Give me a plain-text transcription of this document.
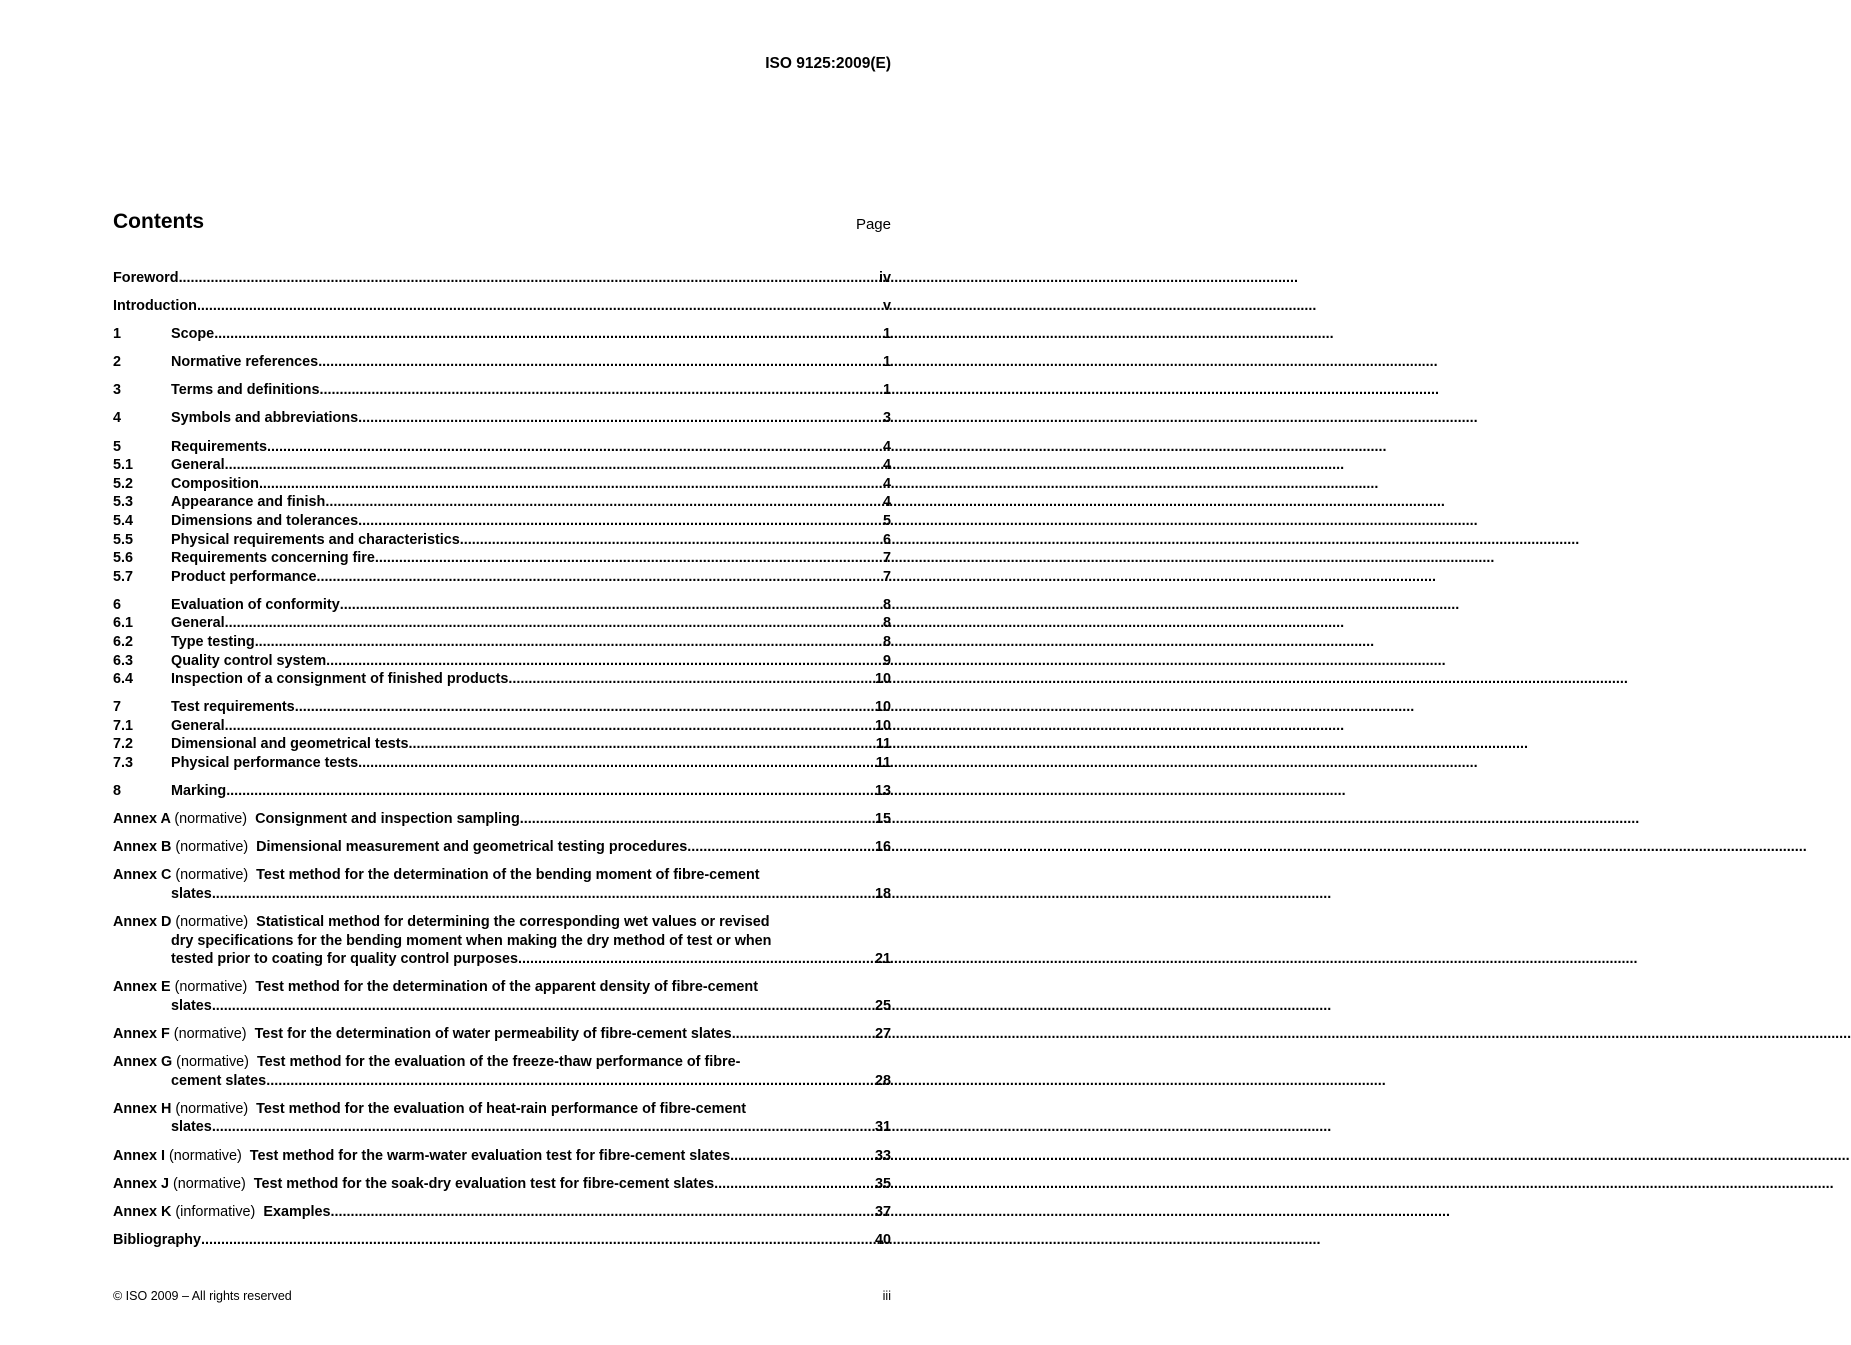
ISO 9125:2009(E)
Contents	Page
Foreword .....	iv
Introduction .....	v
1	Scope .....	1
2	Normative references .....	1
3	Terms and definitions .....	1
4	Symbols and abbreviations .....	3
5	Requirements .....	4
5.1	General .....	4
5.2	Composition .....	4
5.3	Appearance and finish .....	4
5.4	Dimensions and tolerances .....	5
5.5	Physical requirements and characteristics .....	6
5.6	Requirements concerning fire .....	7
5.7	Product performance .....	7
6	Evaluation of conformity .....	8
6.1	General .....	8
6.2	Type testing .....	8
6.3	Quality control system .....	9
6.4	Inspection of a consignment of finished products .....	10
7	Test requirements .....	10
7.1	General .....	10
7.2	Dimensional and geometrical tests .....	11
7.3	Physical performance tests .....	11
8	Marking .....	13
Annex A (normative) Consignment and inspection sampling .....	15
Annex B (normative) Dimensional measurement and geometrical testing procedures .....	16
Annex C (normative) Test method for the determination of the bending moment of fibre-cement
slates .....	18
Annex D (normative) Statistical method for determining the corresponding wet values or revised
dry specifications for the bending moment when making the dry method of test or when
tested prior to coating for quality control purposes .....	21
Annex E (normative) Test method for the determination of the apparent density of fibre-cement
slates .....	25
Annex F (normative) Test for the determination of water permeability of fibre-cement slates .....	27
Annex G (normative) Test method for the evaluation of the freeze-thaw performance of fibre-
cement slates .....	28
Annex H (normative) Test method for the evaluation of heat-rain performance of fibre-cement
slates .....	31
Annex I (normative) Test method for the warm-water evaluation test for fibre-cement slates .....	33
Annex J (normative) Test method for the soak-dry evaluation test for fibre-cement slates .....	35
Annex K (informative) Examples .....	37
Bibliography .....	40
© ISO 2009 – All rights reserved	iii
